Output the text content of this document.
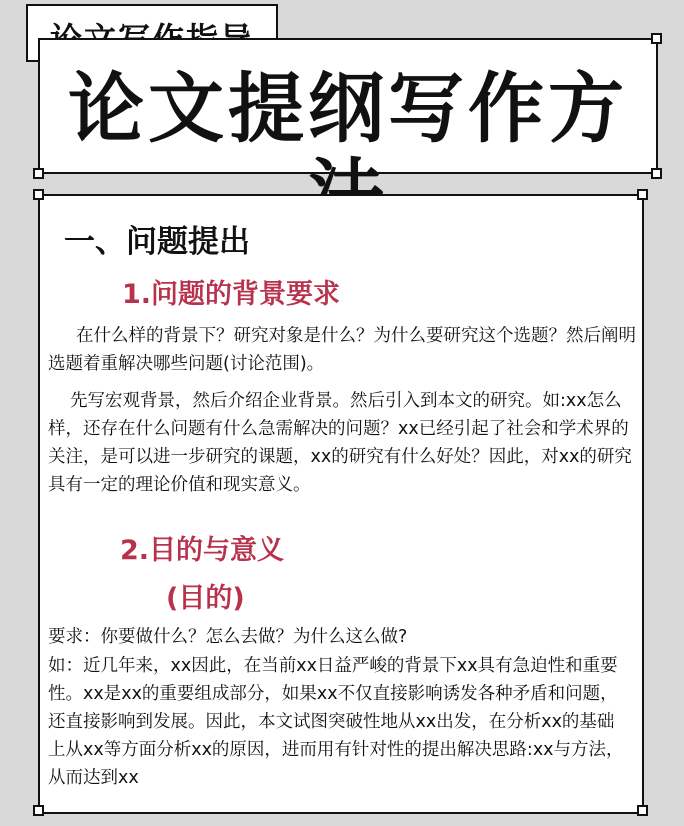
论文提纲写作方
一、问题提出
1.问题的背景要求

在什么样的背景下？研究对象是什么？为什么要研究这个选题？然后阐明选题着重解决哪些问题(讨论范围)。

先写宏观背景，然后介绍企业背景。然后引入到本文的研究。如:xx怎么样，还存在什么问题有什么急需解决的问题？xx已经引起了社会和学术界的关注，是可以进一步研究的课题，xx的研究有什么好处？因此，对xx的研究具有一定的理论价值和现实意义。

2.目的与意义
(目的)

要求：你要做什么？怎么去做？为什么这么做?

如：近几年来，xx因此，在当前xx日益严峻的背景下xx具有急迫性和重要性。xx是xx的重要组成部分，如果xx不仅直接影响诱发各种矛盾和问题，还直接影响到发展。因此，本文试图突破性地从xx出发，在分析xx的基础上从xx等方面分析xx的原因，进而用有针对性的提出解决思路:xx与方法，从而达到xx
